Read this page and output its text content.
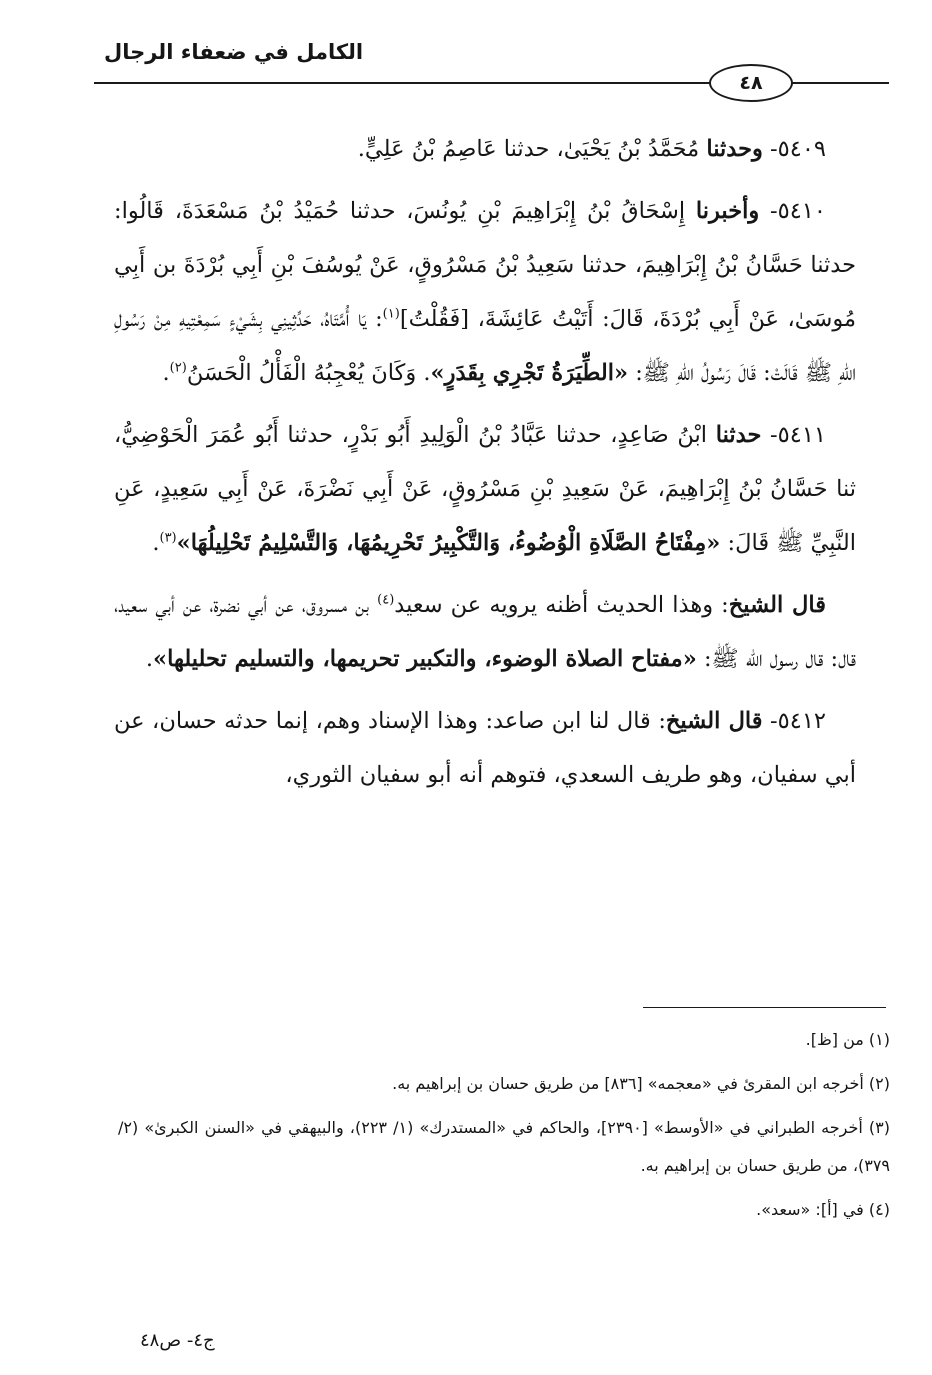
الكامل في ضعفاء الرجال
٤٨

٥٤٠٩- وحدثنا مُحَمَّدُ بْنُ يَحْيَىٰ، حدثنا عَاصِمُ بْنُ عَلِيٍّ.

٥٤١٠- وأخبرنا إِسْحَاقُ بْنُ إِبْرَاهِيمَ بْنِ يُونُسَ، حدثنا حُمَيْدُ بْنُ مَسْعَدَةَ، قَالُوا: حدثنا حَسَّانُ بْنُ إِبْرَاهِيمَ، حدثنا سَعِيدُ بْنُ مَسْرُوقٍ، عَنْ يُوسُفَ بْنِ أَبِي بُرْدَةَ بن أَبِي مُوسَىٰ، عَنْ أَبِي بُرْدَةَ، قَالَ: أَتَيْتُ عَائِشَةَ، [فَقُلْتُ]$^{(١)}$: يَا أُمَّتَاهُ، حَدِّثِينِي بِشَيْءٍ سَمِعْتِيهِ مِنْ رَسُولِ اللهِ ﷺ قَالَتْ: قَالَ رَسُولُ اللهِ ﷺ: «الطِّيَرَةُ تَجْرِي بِقَدَرٍ». وَكَانَ يُعْجِبُهُ الْفَأْلُ الْحَسَنُ$^{(٢)}$.

٥٤١١- حدثنا ابْنُ صَاعِدٍ، حدثنا عَبَّادُ بْنُ الْوَلِيدِ أَبُو بَدْرٍ، حدثنا أَبُو عُمَرَ الْحَوْضِيُّ، ثنا حَسَّانُ بْنُ إِبْرَاهِيمَ، عَنْ سَعِيدِ بْنِ مَسْرُوقٍ، عَنْ أَبِي نَضْرَةَ، عَنْ أَبِي سَعِيدٍ، عَنِ النَّبِيِّ ﷺ قَالَ: «مِفْتَاحُ الصَّلَاةِ الْوُضُوءُ، وَالتَّكْبِيرُ تَحْرِيمُهَا، وَالتَّسْلِيمُ تَحْلِيلُهَا»$^{(٣)}$.

قال الشيخ: وهذا الحديث أظنه يرويه عن سعيد$^{(٤)}$ بن مسروق، عن أبي نضرة، عن أبي سعيد، قال: قال رسول الله ﷺ: «مفتاح الصلاة الوضوء، والتكبير تحريمها، والتسليم تحليلها».

٥٤١٢- قال الشيخ: قال لنا ابن صاعد: وهذا الإسناد وهم، إنما حدثه حسان، عن أبي سفيان، وهو طريف السعدي، فتوهم أنه أبو سفيان الثوري،

(١) من [ظ].

(٢) أخرجه ابن المقرئ في «معجمه» [٨٣٦] من طريق حسان بن إبراهيم به.

(٣) أخرجه الطبراني في «الأوسط» [٢٣٩٠]، والحاكم في «المستدرك» (١/ ٢٢٣)، والبيهقي في «السنن الكبرىٰ» (٢/ ٣٧٩)، من طريق حسان بن إبراهيم به.

(٤) في [أ]: «سعد».

ج٤- ص٤٨
